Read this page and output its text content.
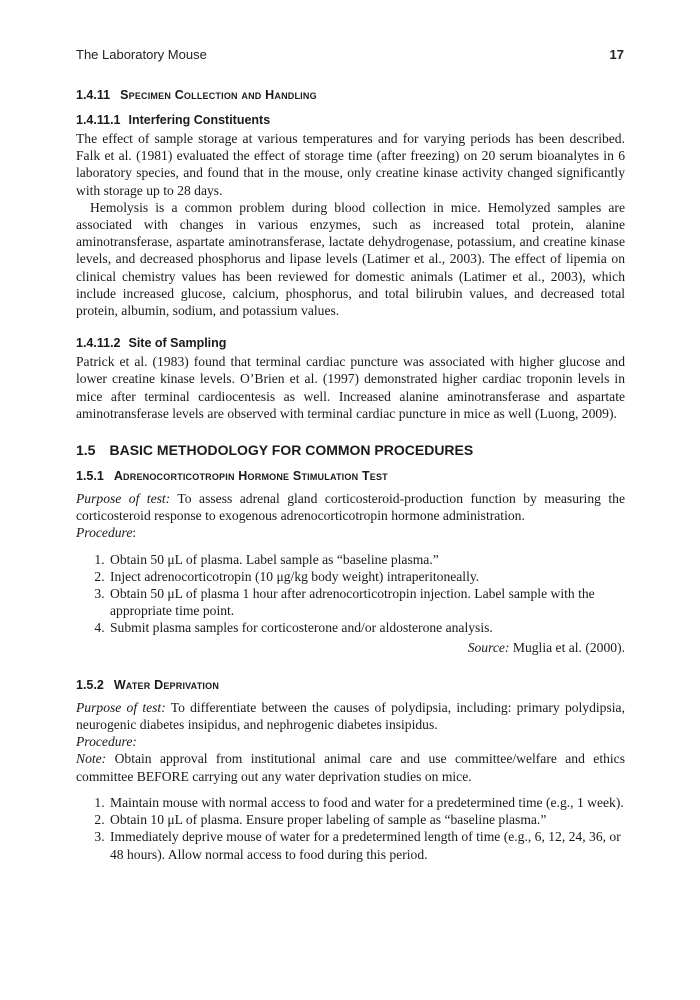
The Laboratory Mouse	17
1.4.11 Specimen Collection and Handling
1.4.11.1 Interfering Constituents

The effect of sample storage at various temperatures and for varying periods has been described. Falk et al. (1981) evaluated the effect of storage time (after freezing) on 20 serum bioanalytes in 6 laboratory species, and found that in the mouse, only creatine kinase activity changed significantly with storage up to 28 days.

Hemolysis is a common problem during blood collection in mice. Hemolyzed samples are associated with changes in various enzymes, such as increased total protein, alanine aminotransferase, aspartate aminotransferase, lactate dehydrogenase, potassium, and creatine kinase levels, and decreased phosphorus and lipase levels (Latimer et al., 2003). The effect of lipemia on clinical chemistry values has been reviewed for domestic animals (Latimer et al., 2003), which include increased glucose, calcium, phosphorus, and total bilirubin values, and decreased total protein, albumin, sodium, and potassium values.

1.4.11.2 Site of Sampling

Patrick et al. (1983) found that terminal cardiac puncture was associated with higher glucose and lower creatine kinase levels. O’Brien et al. (1997) demonstrated higher cardiac troponin levels in mice after terminal cardiocentesis as well. Increased alanine aminotransferase and aspartate aminotransferase levels are observed with terminal cardiac puncture in mice as well (Luong, 2009).

1.5 BASIC METHODOLOGY FOR COMMON PROCEDURES
1.5.1 Adrenocorticotropin Hormone Stimulation Test

Purpose of test: To assess adrenal gland corticosteroid-production function by measuring the corticosteroid response to exogenous adrenocorticotropin hormone administration.

Procedure:

1. Obtain 50 μL of plasma. Label sample as “baseline plasma.”
2. Inject adrenocorticotropin (10 μg/kg body weight) intraperitoneally.
3. Obtain 50 μL of plasma 1 hour after adrenocorticotropin injection. Label sample with the appropriate time point.
4. Submit plasma samples for corticosterone and/or aldosterone analysis.
Source: Muglia et al. (2000).
1.5.2 Water Deprivation

Purpose of test: To differentiate between the causes of polydipsia, including: primary polydipsia, neurogenic diabetes insipidus, and nephrogenic diabetes insipidus.

Procedure:

Note: Obtain approval from institutional animal care and use committee/welfare and ethics committee BEFORE carrying out any water deprivation studies on mice.

1. Maintain mouse with normal access to food and water for a predetermined time (e.g., 1 week).
2. Obtain 10 μL of plasma. Ensure proper labeling of sample as “baseline plasma.”
3. Immediately deprive mouse of water for a predetermined length of time (e.g., 6, 12, 24, 36, or 48 hours). Allow normal access to food during this period.
